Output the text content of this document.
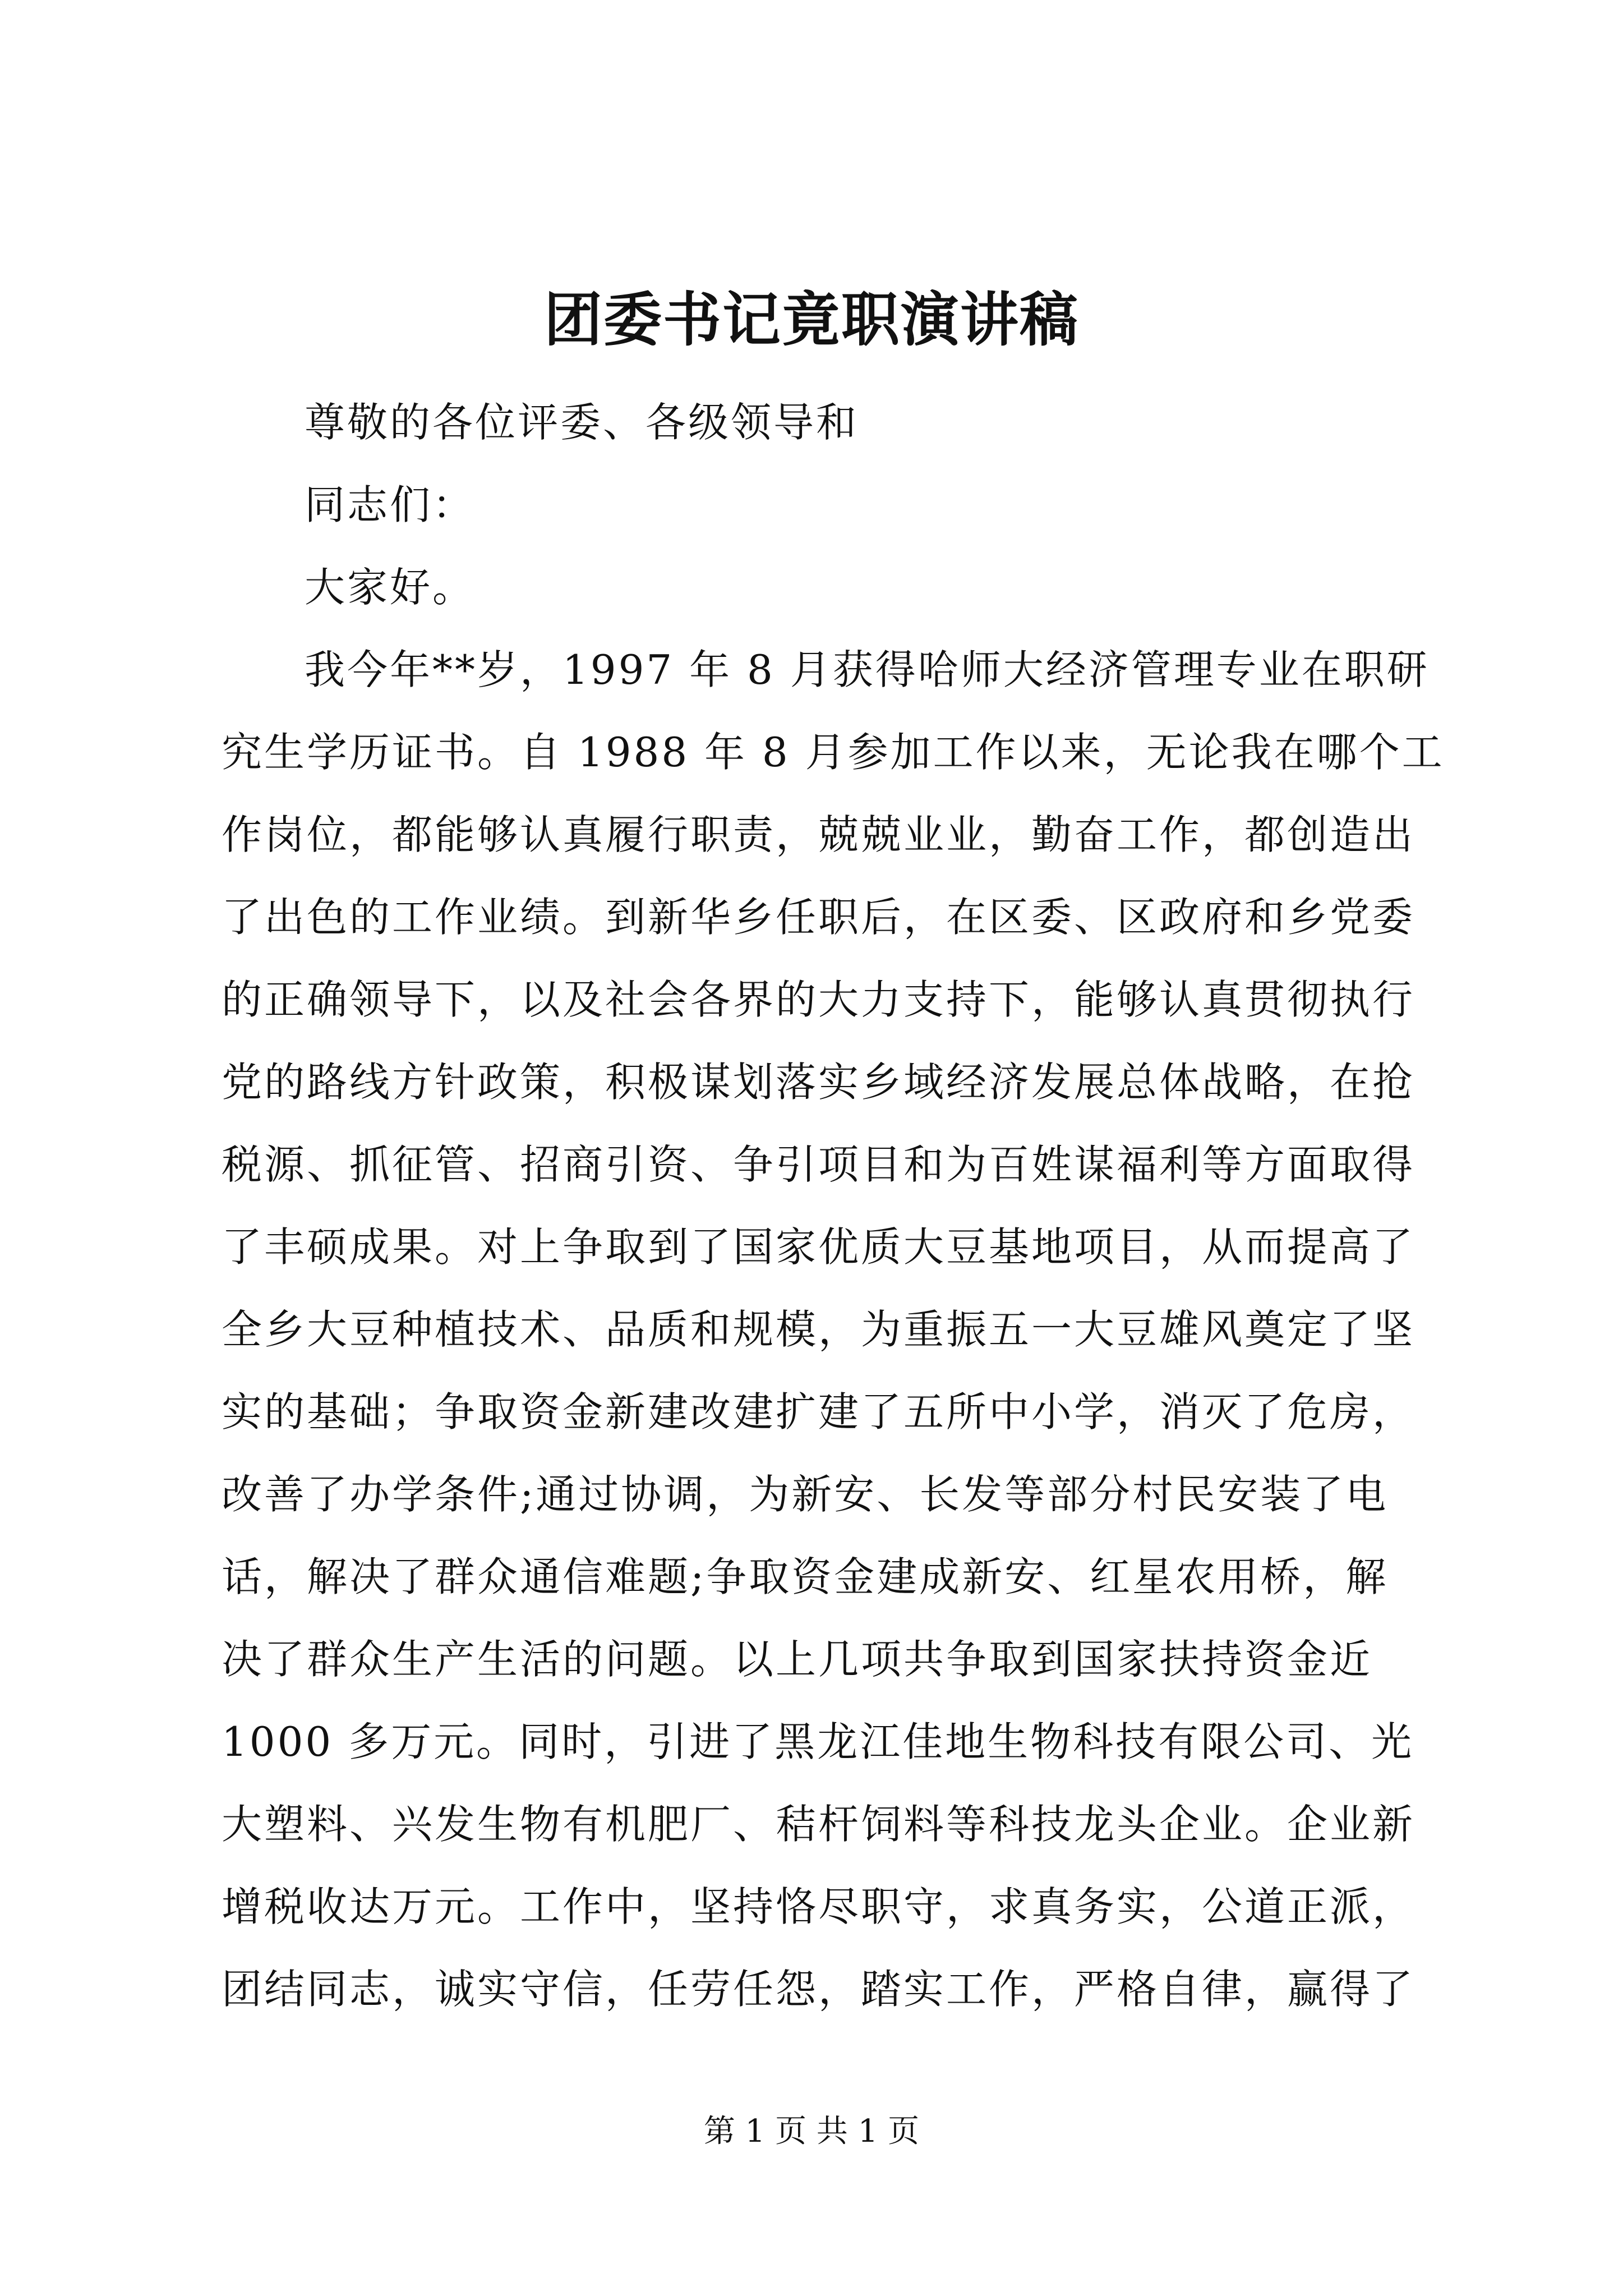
团委书记竟职演讲稿
尊敬的各位评委、各级领导和
同志们：
大家好。
我今年**岁，1997 年 8 月获得哈师大经济管理专业在职研
究生学历证书。自 1988 年 8 月参加工作以来，无论我在哪个工
作岗位，都能够认真履行职责，兢兢业业，勤奋工作，都创造出
了出色的工作业绩。到新华乡任职后，在区委、区政府和乡党委
的正确领导下，以及社会各界的大力支持下，能够认真贯彻执行
党的路线方针政策，积极谋划落实乡域经济发展总体战略，在抢
税源、抓征管、招商引资、争引项目和为百姓谋福利等方面取得
了丰硕成果。对上争取到了国家优质大豆基地项目，从而提高了
全乡大豆种植技术、品质和规模，为重振五一大豆雄风奠定了坚
实的基础；争取资金新建改建扩建了五所中小学，消灭了危房，
改善了办学条件;通过协调，为新安、长发等部分村民安装了电
话，解决了群众通信难题;争取资金建成新安、红星农用桥，解
决了群众生产生活的问题。以上几项共争取到国家扶持资金近
1000 多万元。同时，引进了黑龙江佳地生物科技有限公司、光
大塑料、兴发生物有机肥厂、秸杆饲料等科技龙头企业。企业新
增税收达万元。工作中，坚持恪尽职守，求真务实，公道正派，
团结同志，诚实守信，任劳任怨，踏实工作，严格自律，赢得了
第 1 页 共 1 页
